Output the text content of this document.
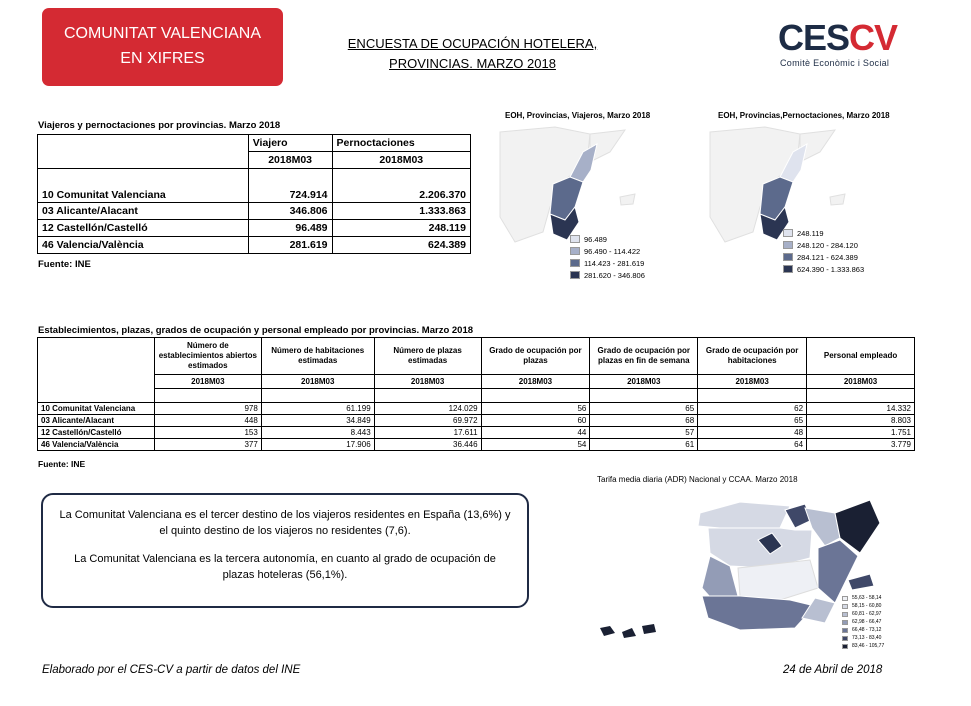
COMUNITAT VALENCIANA
EN XIFRES
ENCUESTA DE OCUPACIÓN HOTELERA,
PROVINCIAS. MARZO 2018
CES CV
Comitè Econòmic i Social
Viajeros y pernoctaciones por provincias. Marzo 2018
	Viajero	Pernoctaciones
	2018M03	2018M03
10 Comunitat Valenciana	724.914	2.206.370
03 Alicante/Alacant	346.806	1.333.863
12 Castellón/Castelló	96.489	248.119
46 Valencia/València	281.619	624.389
Fuente: INE
EOH, Provincias, Viajeros, Marzo 2018
96.489
96.490 - 114.422
114.423 - 281.619
281.620 - 346.806
EOH, Provincias,Pernoctaciones, Marzo 2018
248.119
248.120 - 284.120
284.121 - 624.389
624.390 - 1.333.863
Establecimientos, plazas, grados de ocupación y personal empleado por provincias. Marzo 2018
	Número de establecimientos abiertos estimados	Número de habitaciones estimadas	Número de plazas estimadas	Grado de ocupación por plazas	Grado de ocupación por plazas en fin de semana	Grado de ocupación por habitaciones	Personal empleado
	2018M03	2018M03	2018M03	2018M03	2018M03	2018M03	2018M03

10 Comunitat Valenciana	978	61.199	124.029	56	65	62	14.332
03 Alicante/Alacant	448	34.849	69.972	60	68	65	8.803
12 Castellón/Castelló	153	8.443	17.611	44	57	48	1.751
46 Valencia/València	377	17.906	36.446	54	61	64	3.779
Fuente: INE
Tarifa media diaria (ADR) Nacional y CCAA. Marzo 2018
55,63 - 58,14
58,15 - 60,80
60,81 - 62,97
62,98 - 66,47
66,48 - 73,12
73,13 - 83,40
83,46 - 105,77

La Comunitat Valenciana es el tercer destino de los viajeros residentes en España (13,6%) y el quinto destino de los viajeros no residentes (7,6).

La Comunitat Valenciana es la tercera autonomía, en cuanto al grado de ocupación de plazas hoteleras (56,1%).

Elaborado por el CES-CV a partir de datos del INE	24 de Abril de 2018
